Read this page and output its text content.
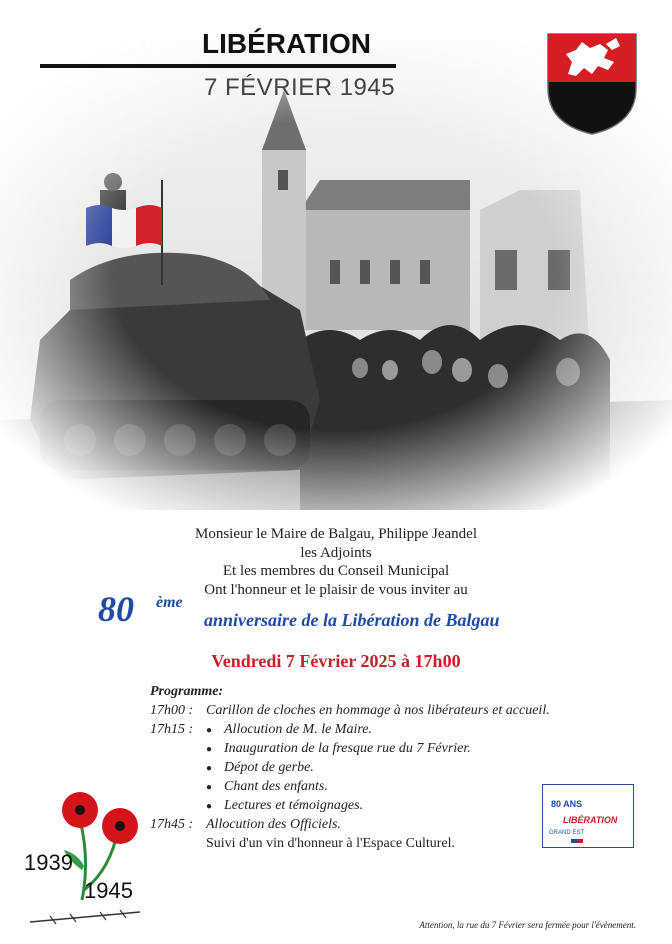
BALGAU LIBÉRATION
7 FÉVRIER 1945
Monsieur le Maire de Balgau, Philippe Jeandel
les Adjoints
Et les membres du Conseil Municipal
Ont l'honneur et le plaisir de vous inviter au
80 ème
anniversaire de la Libération de Balgau
Vendredi 7 Février 2025 à 17h00
Programme:
17h00 : Carillon de cloches en hommage à nos libérateurs et accueil.
17h15 : ● Allocution de M. le Maire.
● Inauguration de la fresque rue du 7 Février.
● Dépot de gerbe.
● Chant des enfants.
● Lectures et témoignages.
17h45 : Allocution des Officiels.
Suivi d'un vin d'honneur à l'Espace Culturel.
1939
1945
80 ANS
LIBÉRATION
GRAND EST
Attention, la rue du 7 Février sera fermée pour l'évènement.
